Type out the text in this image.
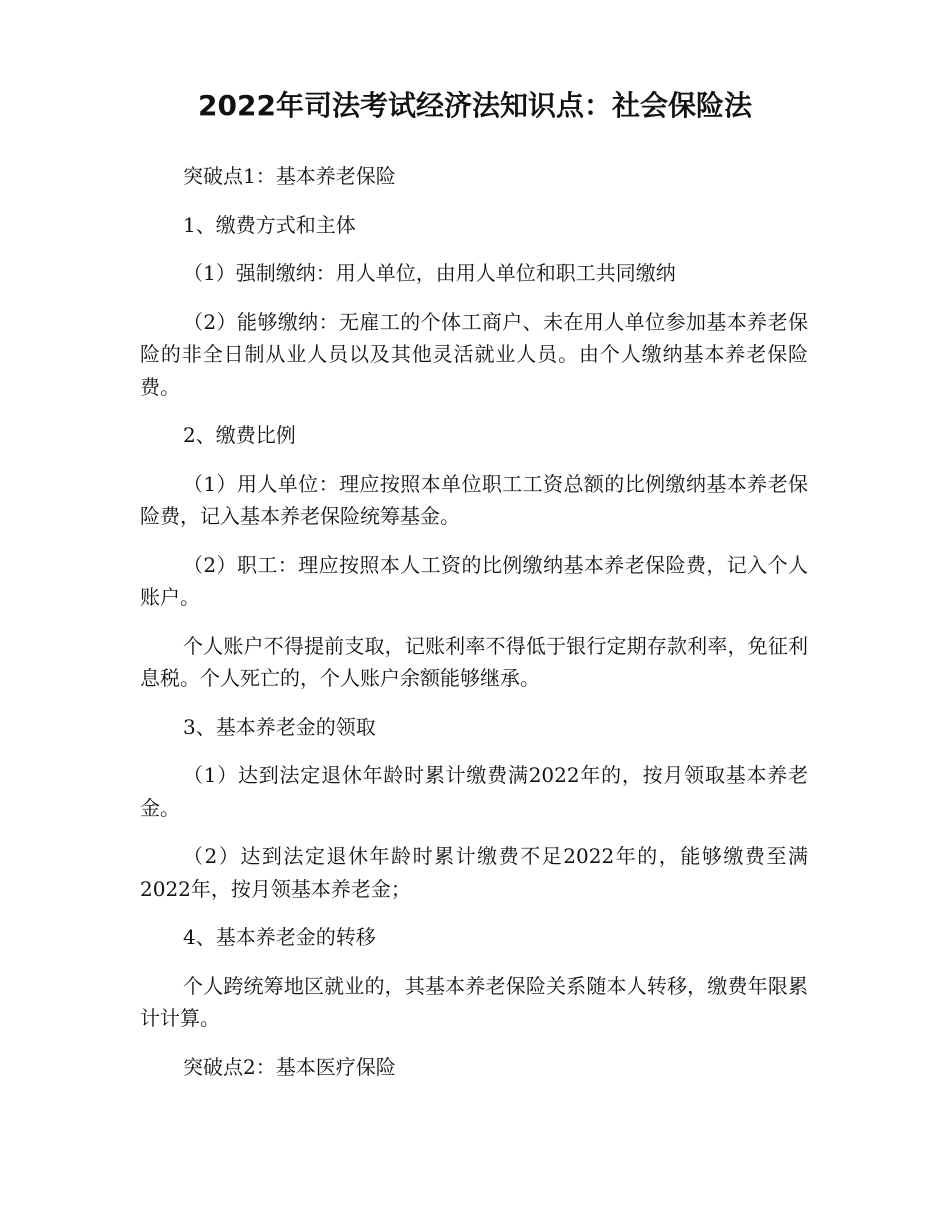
2022年司法考试经济法知识点：社会保险法

突破点1：基本养老保险

1、缴费方式和主体

（1）强制缴纳：用人单位，由用人单位和职工共同缴纳

（2）能够缴纳：无雇工的个体工商户、未在用人单位参加基本养老保险的非全日制从业人员以及其他灵活就业人员。由个人缴纳基本养老保险费。

2、缴费比例

（1）用人单位：理应按照本单位职工工资总额的比例缴纳基本养老保险费，记入基本养老保险统筹基金。

（2）职工：理应按照本人工资的比例缴纳基本养老保险费，记入个人账户。

个人账户不得提前支取，记账利率不得低于银行定期存款利率，免征利息税。个人死亡的，个人账户余额能够继承。

3、基本养老金的领取

（1）达到法定退休年龄时累计缴费满2022年的，按月领取基本养老金。

（2）达到法定退休年龄时累计缴费不足2022年的，能够缴费至满2022年，按月领基本养老金；

4、基本养老金的转移

个人跨统筹地区就业的，其基本养老保险关系随本人转移，缴费年限累计计算。

突破点2：基本医疗保险
